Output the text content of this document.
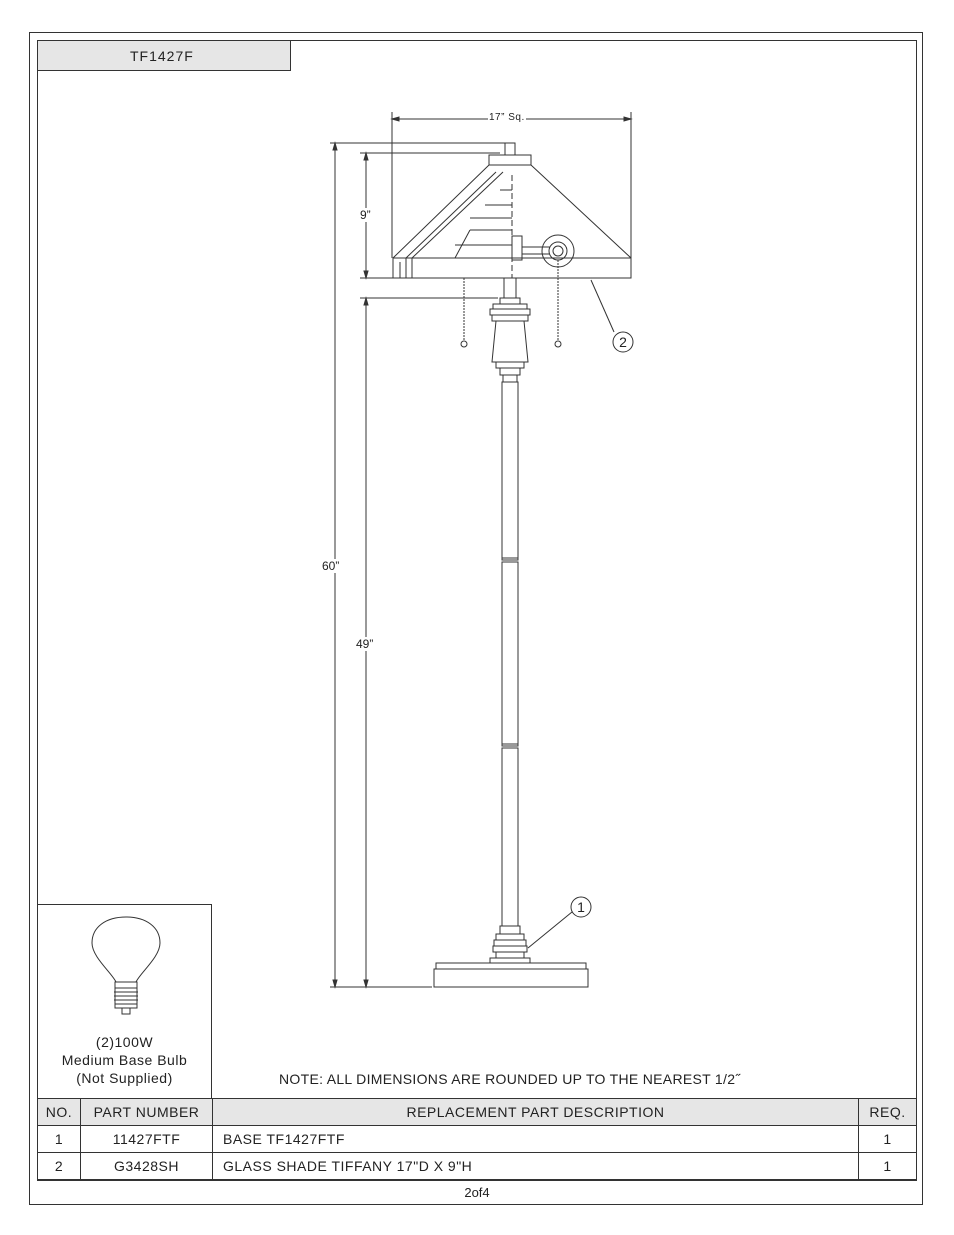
TF1427F
2
1
17” Sq.
9”
60”
49”
(2)100W
Medium Base Bulb
(Not Supplied)	NOTE: ALL DIMENSIONS ARE ROUNDED UP TO THE NEAREST 1/2˝
NO.	PART NUMBER	REPLACEMENT PART DESCRIPTION	REQ.
1	11427FTF	BASE TF1427FTF	1
2	G3428SH	GLASS SHADE TIFFANY 17"D X 9"H	1
2of4
